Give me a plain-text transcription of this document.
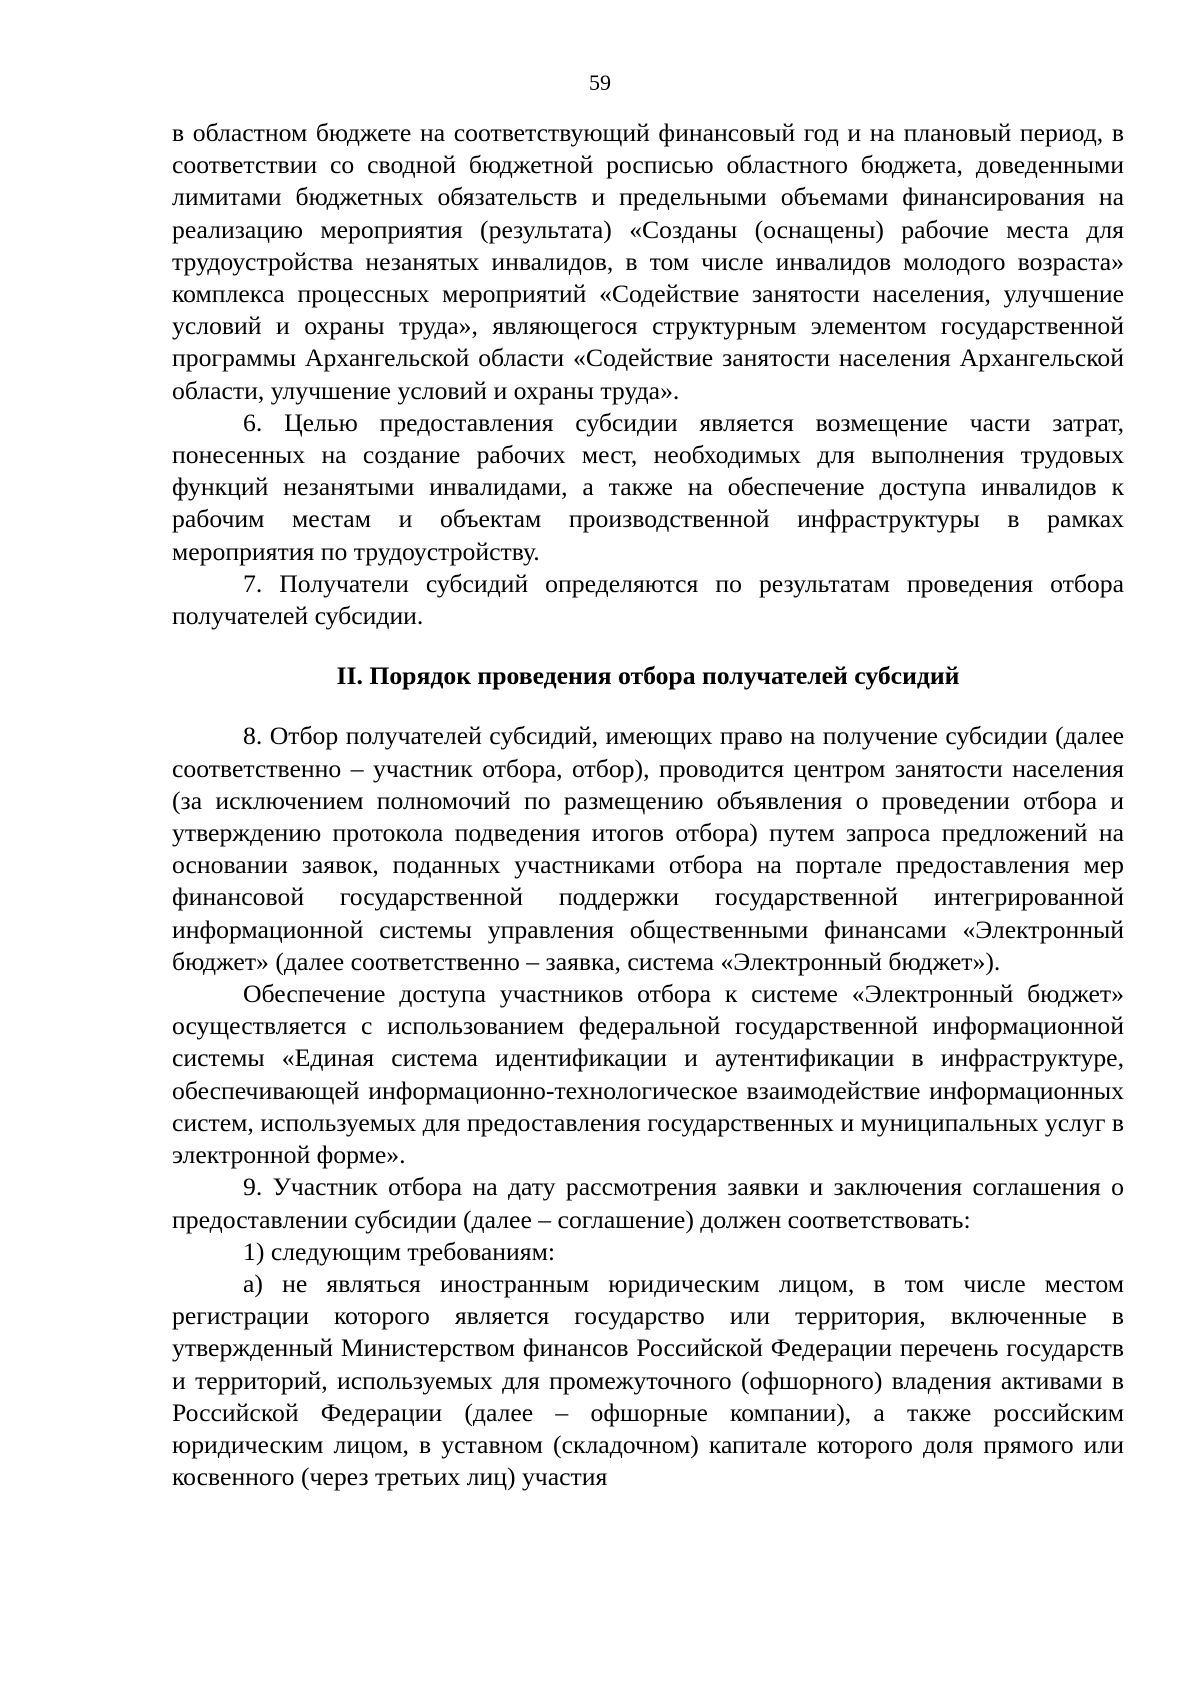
59

в областном бюджете на соответствующий финансовый год и на плановый период, в соответствии со сводной бюджетной росписью областного бюджета, доведенными лимитами бюджетных обязательств и предельными объемами финансирования на реализацию мероприятия (результата) «Созданы (оснащены) рабочие места для трудоустройства незанятых инвалидов, в том числе инвалидов молодого возраста» комплекса процессных мероприятий «Содействие занятости населения, улучшение условий и охраны труда», являющегося структурным элементом государственной программы Архангельской области «Содействие занятости населения Архангельской области, улучшение условий и охраны труда».

6. Целью предоставления субсидии является возмещение части затрат, понесенных на создание рабочих мест, необходимых для выполнения трудовых функций незанятыми инвалидами, а также на обеспечение доступа инвалидов к рабочим местам и объектам производственной инфраструктуры в рамках мероприятия по трудоустройству.

7. Получатели субсидий определяются по результатам проведения отбора получателей субсидии.

II. Порядок проведения отбора получателей субсидий

8. Отбор получателей субсидий, имеющих право на получение субсидии (далее соответственно – участник отбора, отбор), проводится центром занятости населения (за исключением полномочий по размещению объявления о проведении отбора и утверждению протокола подведения итогов отбора) путем запроса предложений на основании заявок, поданных участниками отбора на портале предоставления мер финансовой государственной поддержки государственной интегрированной информационной системы управления общественными финансами «Электронный бюджет» (далее соответственно – заявка, система «Электронный бюджет»).

Обеспечение доступа участников отбора к системе «Электронный бюджет» осуществляется с использованием федеральной государственной информационной системы «Единая система идентификации и аутентификации в инфраструктуре, обеспечивающей информационно-технологическое взаимодействие информационных систем, используемых для предоставления государственных и муниципальных услуг в электронной форме».

9. Участник отбора на дату рассмотрения заявки и заключения соглашения о предоставлении субсидии (далее – соглашение) должен соответствовать:

1) следующим требованиям:

а) не являться иностранным юридическим лицом, в том числе местом регистрации которого является государство или территория, включенные в утвержденный Министерством финансов Российской Федерации перечень государств и территорий, используемых для промежуточного (офшорного) владения активами в Российской Федерации (далее – офшорные компании), а также российским юридическим лицом, в уставном (складочном) капитале которого доля прямого или косвенного (через третьих лиц) участия
